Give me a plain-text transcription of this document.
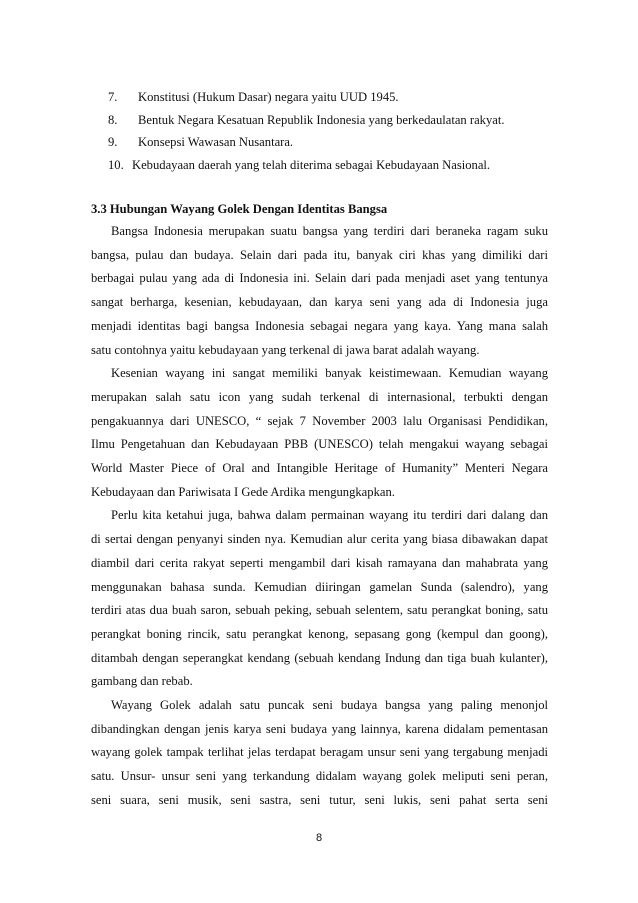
7. Konstitusi (Hukum Dasar) negara yaitu UUD 1945.
8. Bentuk Negara Kesatuan Republik Indonesia yang berkedaulatan rakyat.
9. Konsepsi Wawasan Nusantara.
10. Kebudayaan daerah yang telah diterima sebagai Kebudayaan Nasional.
3.3 Hubungan Wayang Golek Dengan Identitas Bangsa

Bangsa Indonesia merupakan suatu bangsa yang terdiri dari beraneka ragam suku
bangsa, pulau dan budaya. Selain dari pada itu, banyak ciri khas yang dimiliki dari
berbagai pulau yang ada di Indonesia ini. Selain dari pada menjadi aset yang tentunya
sangat berharga, kesenian, kebudayaan, dan karya seni yang ada di Indonesia juga
menjadi identitas bagi bangsa Indonesia sebagai negara yang kaya. Yang mana salah
satu contohnya yaitu kebudayaan yang terkenal di jawa barat adalah wayang.

Kesenian wayang ini sangat memiliki banyak keistimewaan. Kemudian wayang
merupakan salah satu icon yang sudah terkenal di internasional, terbukti dengan
pengakuannya dari UNESCO, “ sejak 7 November 2003 lalu Organisasi Pendidikan,
Ilmu Pengetahuan dan Kebudayaan PBB (UNESCO) telah mengakui wayang sebagai
World Master Piece of Oral and Intangible Heritage of Humanity” Menteri Negara
Kebudayaan dan Pariwisata I Gede Ardika mengungkapkan.

Perlu kita ketahui juga, bahwa dalam permainan wayang itu terdiri dari dalang dan
di sertai dengan penyanyi sinden nya. Kemudian alur cerita yang biasa dibawakan dapat
diambil dari cerita rakyat seperti mengambil dari kisah ramayana dan mahabrata yang
menggunakan bahasa sunda. Kemudian diiringan gamelan Sunda (salendro), yang
terdiri atas dua buah saron, sebuah peking, sebuah selentem, satu perangkat boning, satu
perangkat boning rincik, satu perangkat kenong, sepasang gong (kempul dan goong),
ditambah dengan seperangkat kendang (sebuah kendang Indung dan tiga buah kulanter),
gambang dan rebab.

Wayang Golek adalah satu puncak seni budaya bangsa yang paling menonjol
dibandingkan dengan jenis karya seni budaya yang lainnya, karena didalam pementasan
wayang golek tampak terlihat jelas terdapat beragam unsur seni yang tergabung menjadi
satu. Unsur- unsur seni yang terkandung didalam wayang golek meliputi seni peran,
seni suara, seni musik, seni sastra, seni tutur, seni lukis, seni pahat serta seni

8
